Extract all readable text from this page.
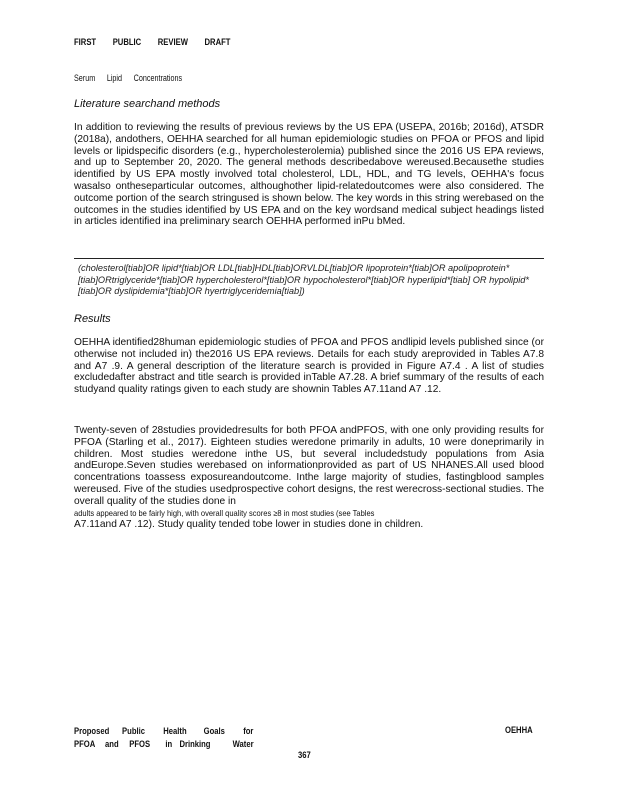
FIRST PUBLIC REVIEW DRAFT
Serum Lipid Concentrations
Literature searchand methods
In addition to reviewing the results of previous reviews by the US EPA (USEPA, 2016b; 2016d), ATSDR (2018a), andothers, OEHHA searched for all human epidemiologic studies on PFOA or PFOS and lipid levels or lipidspecific disorders (e.g., hypercholesterolemia) published since the 2016 US EPA reviews, and up to September 20, 2020. The general methods describedabove wereused.Becausethe studies identified by US EPA mostly involved total cholesterol, LDL, HDL, and TG levels, OEHHA's focus wasalso ontheseparticular outcomes, althoughother lipid-relatedoutcomes were also considered. The outcome portion of the search stringused is shown below. The key words in this string werebased on the outcomes in the studies identified by US EPA and on the key wordsand medical subject headings listed in articles identified ina preliminary search OEHHA performed inPu bMed.

(cholesterol[tiab]OR lipid*[tiab]OR LDL[tiab]HDL[tiab]ORVLDL[tiab]OR lipoprotein*[tiab]OR apolipoprotein*[tiab]ORtriglyceride*[tiab]OR hypercholesterol*[tiab]OR hypocholesterol*[tiab]OR hyperlipid*[tiab] OR hypolipid*[tiab]OR dyslipidemia*[tiab]OR hyertriglyceridemia[tiab])

Results
OEHHA identified28human epidemiologic studies of PFOA and PFOS andlipid levels published since (or otherwise not included in) the2016 US EPA reviews. Details for each study areprovided in Tables A7.8 and A7 .9. A general description of the literature search is provided in Figure A7.4 . A list of studies excludedafter abstract and title search is provided inTable A7.28. A brief summary of the results of each studyand quality ratings given to each study are shownin Tables A7.11and A7 .12.
Twenty-seven of 28studies providedresults for both PFOA andPFOS, with one only providing results for PFOA (Starling et al., 2017). Eighteen studies weredone primarily in adults, 10 were doneprimarily in children. Most studies weredone inthe US, but several includedstudy populations from Asia andEurope.Seven studies werebased on informationprovided as part of US NHANES.All used blood concentrations toassess exposureandoutcome. Inthe large majority of studies, fastingblood samples wereused. Five of the studies usedprospective cohort designs, the rest werecross-sectional studies. The overall quality of the studies done in
adults appeared to be fairly high, with overall quality scores ≥8 in most studies (see Tables
A7.11and A7 .12). Study quality tended tobe lower in studies done in children.
Proposed Public Health Goals for
PFOA and PFOS in Drinking Water
OEHHA
367
